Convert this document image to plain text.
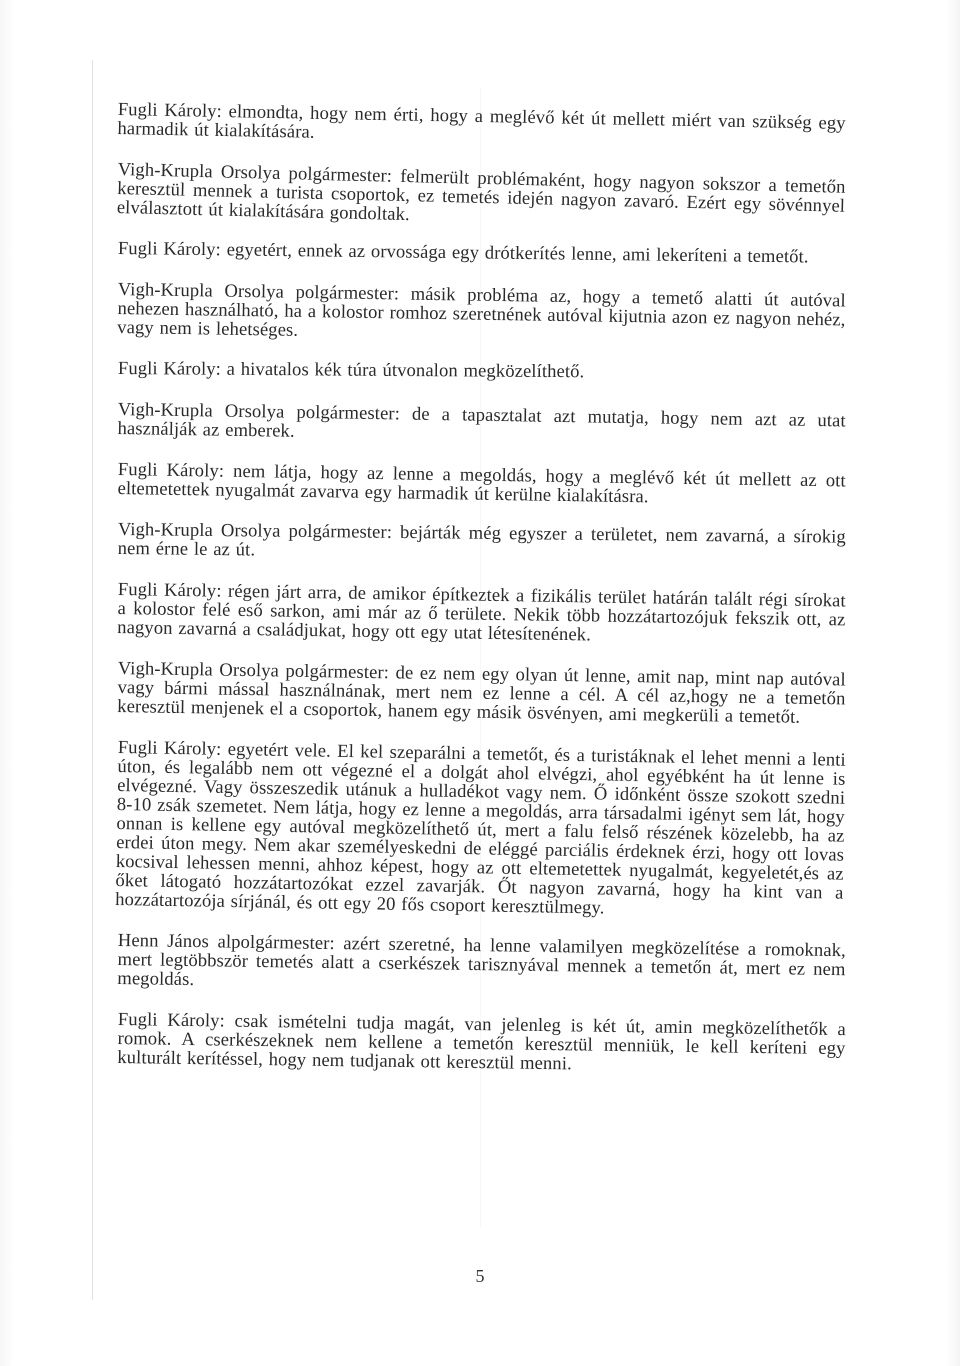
Fugli Károly: elmondta, hogy nem érti, hogy a meglévő két út mellett miért van szükség egy harmadik út kialakítására.

Vigh-Krupla Orsolya polgármester: felmerült problémaként, hogy nagyon sokszor a temetőn keresztül mennek a turista csoportok, ez temetés idején nagyon zavaró. Ezért egy sövénnyel elválasztott út kialakítására gondoltak.

Fugli Károly: egyetért, ennek az orvossága egy drótkerítés lenne, ami lekeríteni a temetőt.

Vigh-Krupla Orsolya polgármester: másik probléma az, hogy a temető alatti út autóval nehezen használható, ha a kolostor romhoz szeretnének autóval kijutnia azon ez nagyon nehéz, vagy nem is lehetséges.

Fugli Károly: a hivatalos kék túra útvonalon megközelíthető.

Vigh-Krupla Orsolya polgármester: de a tapasztalat azt mutatja, hogy nem azt az utat használják az emberek.

Fugli Károly: nem látja, hogy az lenne a megoldás, hogy a meglévő két út mellett az ott eltemetettek nyugalmát zavarva egy harmadik út kerülne kialakításra.

Vigh-Krupla Orsolya polgármester: bejárták még egyszer a területet, nem zavarná, a sírokig nem érne le az út.

Fugli Károly: régen járt arra, de amikor építkeztek a fizikális terület határán talált régi sírokat a kolostor felé eső sarkon, ami már az ő területe. Nekik több hozzátartozójuk fekszik ott, az nagyon zavarná a családjukat, hogy ott egy utat létesítenének.

Vigh-Krupla Orsolya polgármester: de ez nem egy olyan út lenne, amit nap, mint nap autóval vagy bármi mással használnának, mert nem ez lenne a cél. A cél az,hogy ne a temetőn keresztül menjenek el a csoportok, hanem egy másik ösvényen, ami megkerüli a temetőt.

Fugli Károly: egyetért vele. El kel szeparálni a temetőt, és a turistáknak el lehet menni a lenti úton, és legalább nem ott végezné el a dolgát ahol elvégzi, ahol egyébként ha út lenne is elvégezné. Vagy összeszedik utánuk a hulladékot vagy nem. Ő időnként össze szokott szedni 8-10 zsák szemetet. Nem látja, hogy ez lenne a megoldás, arra társadalmi igényt sem lát, hogy onnan is kellene egy autóval megközelíthető út, mert a falu felső részének közelebb, ha az erdei úton megy. Nem akar személyeskedni de eléggé parciális érdeknek érzi, hogy ott lovas kocsival lehessen menni, ahhoz képest, hogy az ott eltemetettek nyugalmát, kegyeletét,és az őket látogató hozzátartozókat ezzel zavarják. Őt nagyon zavarná, hogy ha kint van a hozzátartozója sírjánál, és ott egy 20 fős csoport keresztülmegy.

Henn János alpolgármester: azért szeretné, ha lenne valamilyen megközelítése a romoknak, mert legtöbbször temetés alatt a cserkészek tarisznyával mennek a temetőn át, mert ez nem megoldás.

Fugli Károly: csak ismételni tudja magát, van jelenleg is két út, amin megközelíthetők a romok. A cserkészeknek nem kellene a temetőn keresztül menniük, le kell keríteni egy kulturált kerítéssel, hogy nem tudjanak ott keresztül menni.

5
